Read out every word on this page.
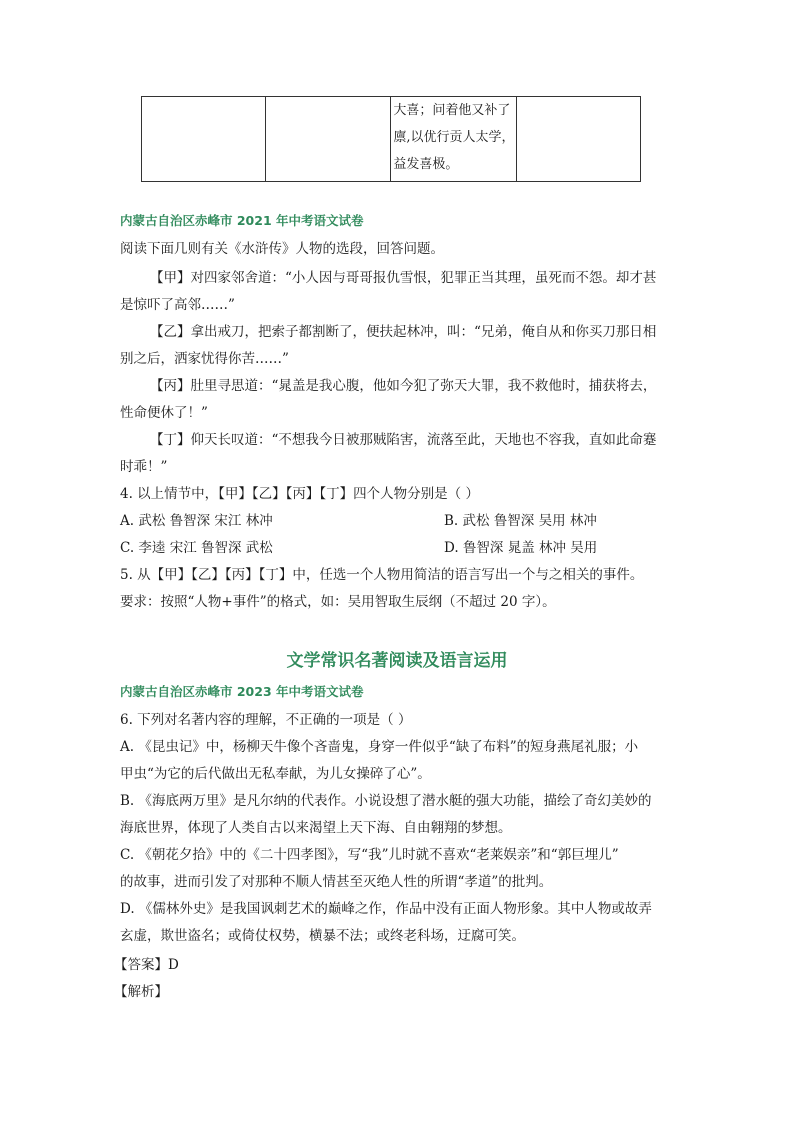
大喜；问着他又补了
廪,以优行贡人太学，
益发喜极。

内蒙古自治区赤峰市 2021 年中考语文试卷
阅读下面几则有关《水浒传》人物的选段，回答问题。
【甲】对四家邻舍道：“小人因与哥哥报仇雪恨，犯罪正当其理，虽死而不怨。却才甚
是惊吓了高邻……”
【乙】拿出戒刀，把索子都割断了，便扶起林冲，叫：“兄弟，俺自从和你买刀那日相
别之后，洒家忧得你苦……”
【丙】肚里寻思道：“晁盖是我心腹，他如今犯了弥天大罪，我不救他时，捕获将去，
性命便休了！”
【丁】仰天长叹道：“不想我今日被那贼陷害，流落至此，天地也不容我，直如此命蹇
时乖！”
4. 以上情节中，【甲】【乙】【丙】【丁】四个人物分别是（ ）
A. 武松 鲁智深 宋江 林冲	B. 武松 鲁智深 吴用 林冲
C. 李逵 宋江 鲁智深 武松	D. 鲁智深 晁盖 林冲 吴用
5. 从【甲】【乙】【丙】【丁】中，任选一个人物用简洁的语言写出一个与之相关的事件。
要求：按照“人物+事件”的格式，如：吴用智取生辰纲（不超过 20 字）。
文学常识名著阅读及语言运用
内蒙古自治区赤峰市 2023 年中考语文试卷
6. 下列对名著内容的理解，不正确的一项是（ ）
A. 《昆虫记》中，杨柳天牛像个吝啬鬼，身穿一件似乎“缺了布料”的短身燕尾礼服；小
甲虫“为它的后代做出无私奉献，为儿女操碎了心”。
B. 《海底两万里》是凡尔纳的代表作。小说设想了潜水艇的强大功能，描绘了奇幻美妙的
海底世界，体现了人类自古以来渴望上天下海、自由翱翔的梦想。
C. 《朝花夕拾》中的《二十四孝图》，写“我”儿时就不喜欢“老莱娱亲”和“郭巨埋儿”
的故事，进而引发了对那种不顺人情甚至灭绝人性的所谓“孝道”的批判。
D. 《儒林外史》是我国讽刺艺术的巅峰之作，作品中没有正面人物形象。其中人物或故弄
玄虚，欺世盗名；或倚仗权势，横暴不法；或终老科场，迂腐可笑。
【答案】D
【解析】
